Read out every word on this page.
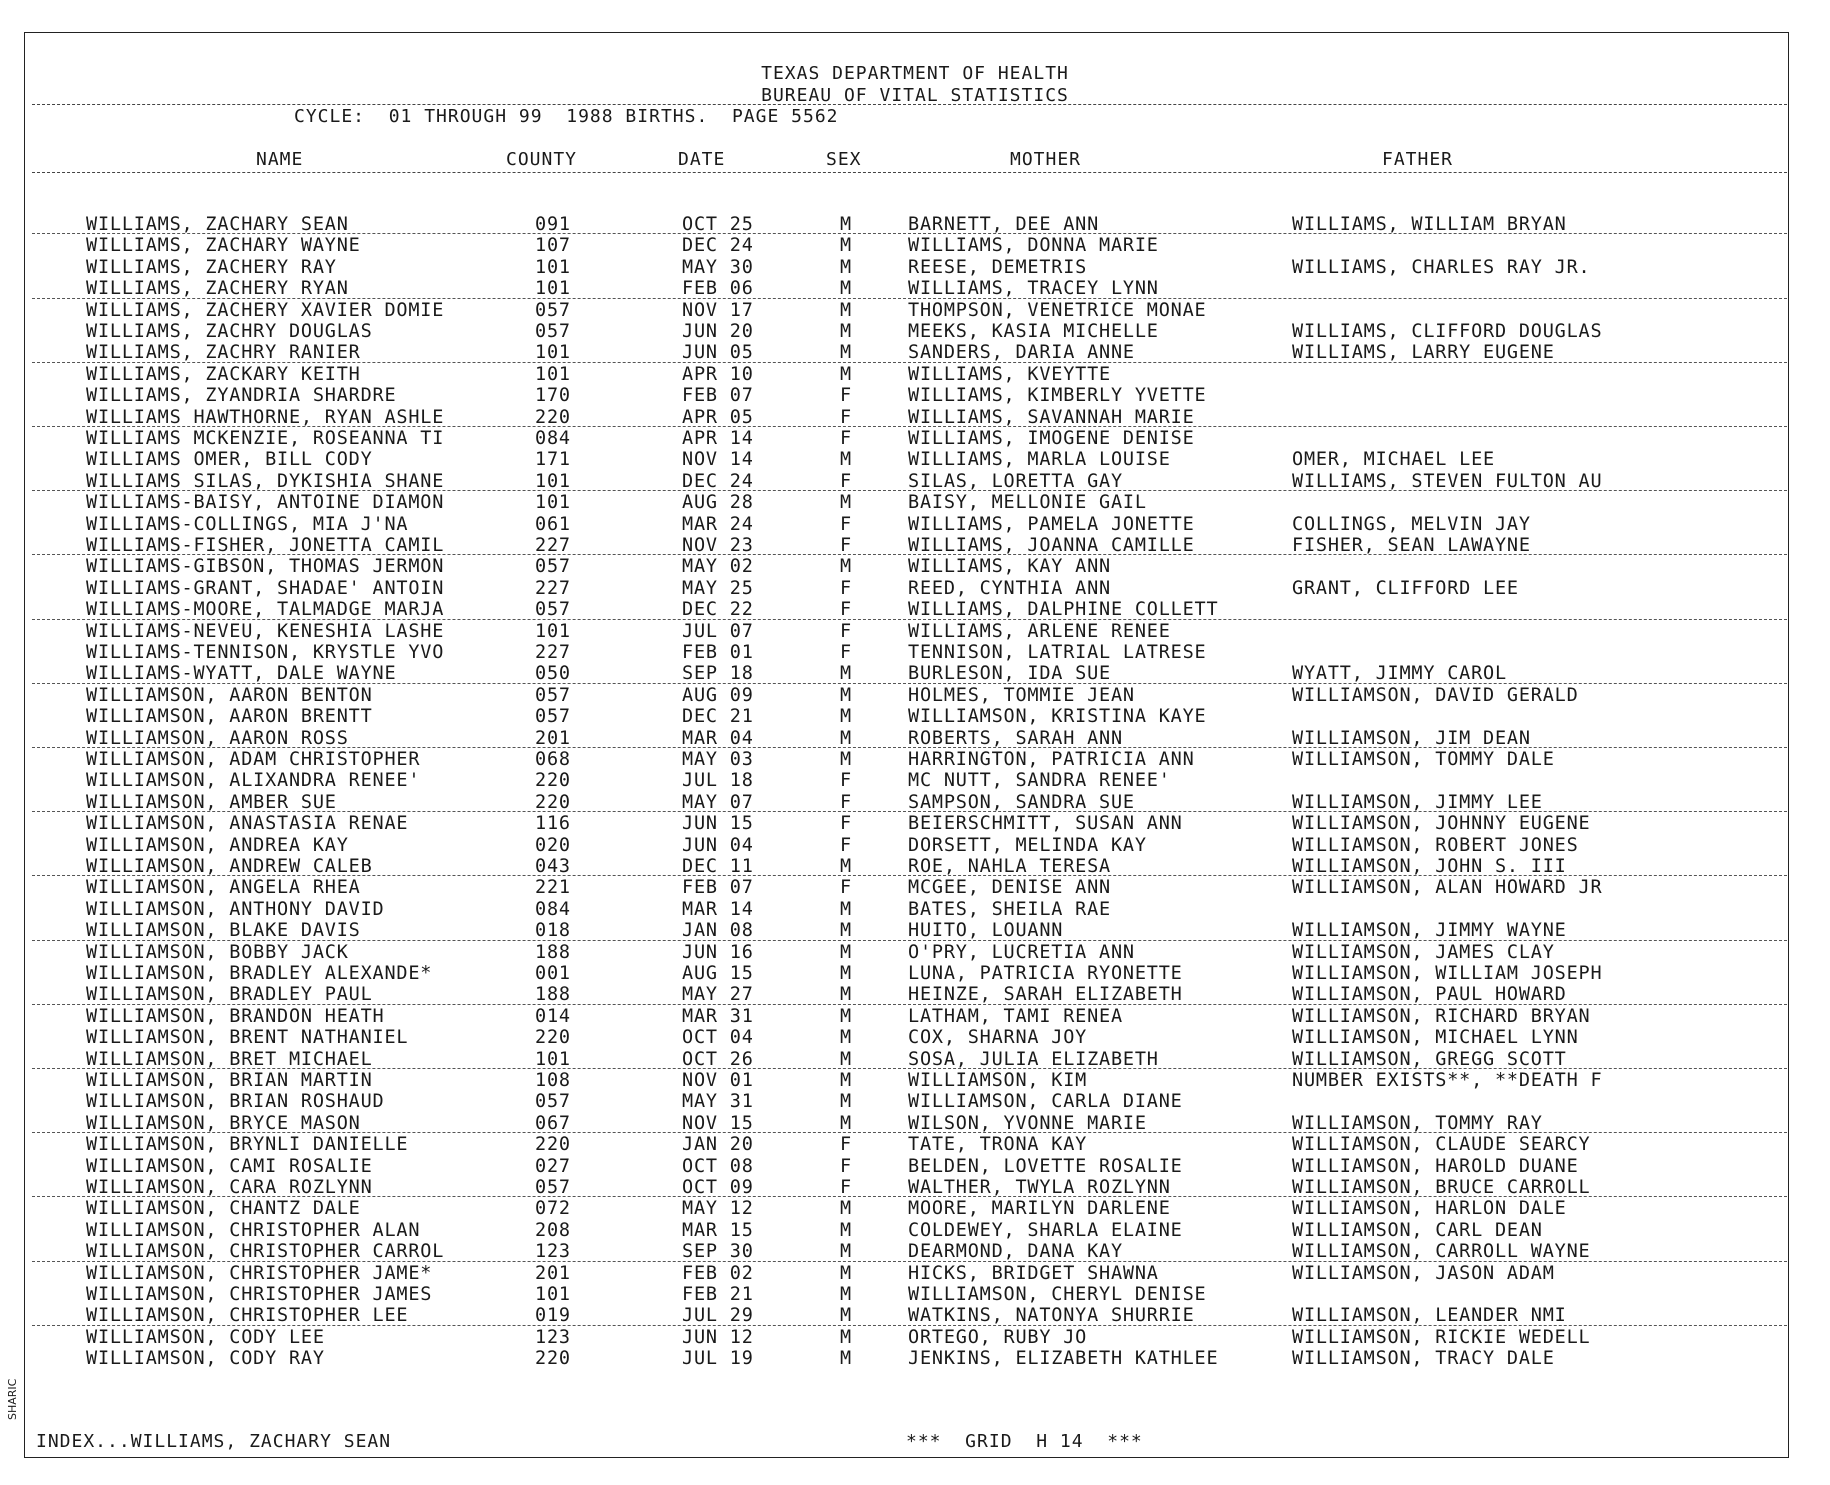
TEXAS DEPARTMENT OF HEALTH
BUREAU OF VITAL STATISTICS
CYCLE:  01 THROUGH 99  1988 BIRTHS.  PAGE 5562
NAME	COUNTY	DATE	SEX	MOTHER	FATHER
WILLIAMS, ZACHARY SEAN	091	OCT 25	M	BARNETT, DEE ANN	WILLIAMS, WILLIAM BRYAN
WILLIAMS, ZACHARY WAYNE	107	DEC 24	M	WILLIAMS, DONNA MARIE
WILLIAMS, ZACHERY RAY	101	MAY 30	M	REESE, DEMETRIS	WILLIAMS, CHARLES RAY JR.
WILLIAMS, ZACHERY RYAN	101	FEB 06	M	WILLIAMS, TRACEY LYNN
WILLIAMS, ZACHERY XAVIER DOMIE	057	NOV 17	M	THOMPSON, VENETRICE MONAE
WILLIAMS, ZACHRY DOUGLAS	057	JUN 20	M	MEEKS, KASIA MICHELLE	WILLIAMS, CLIFFORD DOUGLAS
WILLIAMS, ZACHRY RANIER	101	JUN 05	M	SANDERS, DARIA ANNE	WILLIAMS, LARRY EUGENE
WILLIAMS, ZACKARY KEITH	101	APR 10	M	WILLIAMS, KVEYTTE
WILLIAMS, ZYANDRIA SHARDRE	170	FEB 07	F	WILLIAMS, KIMBERLY YVETTE
WILLIAMS HAWTHORNE, RYAN ASHLE	220	APR 05	F	WILLIAMS, SAVANNAH MARIE
WILLIAMS MCKENZIE, ROSEANNA TI	084	APR 14	F	WILLIAMS, IMOGENE DENISE
WILLIAMS OMER, BILL CODY	171	NOV 14	M	WILLIAMS, MARLA LOUISE	OMER, MICHAEL LEE
WILLIAMS SILAS, DYKISHIA SHANE	101	DEC 24	F	SILAS, LORETTA GAY	WILLIAMS, STEVEN FULTON AU
WILLIAMS-BAISY, ANTOINE DIAMON	101	AUG 28	M	BAISY, MELLONIE GAIL
WILLIAMS-COLLINGS, MIA J'NA	061	MAR 24	F	WILLIAMS, PAMELA JONETTE	COLLINGS, MELVIN JAY
WILLIAMS-FISHER, JONETTA CAMIL	227	NOV 23	F	WILLIAMS, JOANNA CAMILLE	FISHER, SEAN LAWAYNE
WILLIAMS-GIBSON, THOMAS JERMON	057	MAY 02	M	WILLIAMS, KAY ANN
WILLIAMS-GRANT, SHADAE' ANTOIN	227	MAY 25	F	REED, CYNTHIA ANN	GRANT, CLIFFORD LEE
WILLIAMS-MOORE, TALMADGE MARJA	057	DEC 22	F	WILLIAMS, DALPHINE COLLETT
WILLIAMS-NEVEU, KENESHIA LASHE	101	JUL 07	F	WILLIAMS, ARLENE RENEE
WILLIAMS-TENNISON, KRYSTLE YVO	227	FEB 01	F	TENNISON, LATRIAL LATRESE
WILLIAMS-WYATT, DALE WAYNE	050	SEP 18	M	BURLESON, IDA SUE	WYATT, JIMMY CAROL
WILLIAMSON, AARON BENTON	057	AUG 09	M	HOLMES, TOMMIE JEAN	WILLIAMSON, DAVID GERALD
WILLIAMSON, AARON BRENTT	057	DEC 21	M	WILLIAMSON, KRISTINA KAYE
WILLIAMSON, AARON ROSS	201	MAR 04	M	ROBERTS, SARAH ANN	WILLIAMSON, JIM DEAN
WILLIAMSON, ADAM CHRISTOPHER	068	MAY 03	M	HARRINGTON, PATRICIA ANN	WILLIAMSON, TOMMY DALE
WILLIAMSON, ALIXANDRA RENEE'	220	JUL 18	F	MC NUTT, SANDRA RENEE'
WILLIAMSON, AMBER SUE	220	MAY 07	F	SAMPSON, SANDRA SUE	WILLIAMSON, JIMMY LEE
WILLIAMSON, ANASTASIA RENAE	116	JUN 15	F	BEIERSCHMITT, SUSAN ANN	WILLIAMSON, JOHNNY EUGENE
WILLIAMSON, ANDREA KAY	020	JUN 04	F	DORSETT, MELINDA KAY	WILLIAMSON, ROBERT JONES
WILLIAMSON, ANDREW CALEB	043	DEC 11	M	ROE, NAHLA TERESA	WILLIAMSON, JOHN S. III
WILLIAMSON, ANGELA RHEA	221	FEB 07	F	MCGEE, DENISE ANN	WILLIAMSON, ALAN HOWARD JR
WILLIAMSON, ANTHONY DAVID	084	MAR 14	M	BATES, SHEILA RAE
WILLIAMSON, BLAKE DAVIS	018	JAN 08	M	HUITO, LOUANN	WILLIAMSON, JIMMY WAYNE
WILLIAMSON, BOBBY JACK	188	JUN 16	M	O'PRY, LUCRETIA ANN	WILLIAMSON, JAMES CLAY
WILLIAMSON, BRADLEY ALEXANDE*	001	AUG 15	M	LUNA, PATRICIA RYONETTE	WILLIAMSON, WILLIAM JOSEPH
WILLIAMSON, BRADLEY PAUL	188	MAY 27	M	HEINZE, SARAH ELIZABETH	WILLIAMSON, PAUL HOWARD
WILLIAMSON, BRANDON HEATH	014	MAR 31	M	LATHAM, TAMI RENEA	WILLIAMSON, RICHARD BRYAN
WILLIAMSON, BRENT NATHANIEL	220	OCT 04	M	COX, SHARNA JOY	WILLIAMSON, MICHAEL LYNN
WILLIAMSON, BRET MICHAEL	101	OCT 26	M	SOSA, JULIA ELIZABETH	WILLIAMSON, GREGG SCOTT
WILLIAMSON, BRIAN MARTIN	108	NOV 01	M	WILLIAMSON, KIM	NUMBER EXISTS**, **DEATH F
WILLIAMSON, BRIAN ROSHAUD	057	MAY 31	M	WILLIAMSON, CARLA DIANE
WILLIAMSON, BRYCE MASON	067	NOV 15	M	WILSON, YVONNE MARIE	WILLIAMSON, TOMMY RAY
WILLIAMSON, BRYNLI DANIELLE	220	JAN 20	F	TATE, TRONA KAY	WILLIAMSON, CLAUDE SEARCY
WILLIAMSON, CAMI ROSALIE	027	OCT 08	F	BELDEN, LOVETTE ROSALIE	WILLIAMSON, HAROLD DUANE
WILLIAMSON, CARA ROZLYNN	057	OCT 09	F	WALTHER, TWYLA ROZLYNN	WILLIAMSON, BRUCE CARROLL
WILLIAMSON, CHANTZ DALE	072	MAY 12	M	MOORE, MARILYN DARLENE	WILLIAMSON, HARLON DALE
WILLIAMSON, CHRISTOPHER ALAN	208	MAR 15	M	COLDEWEY, SHARLA ELAINE	WILLIAMSON, CARL DEAN
WILLIAMSON, CHRISTOPHER CARROL	123	SEP 30	M	DEARMOND, DANA KAY	WILLIAMSON, CARROLL WAYNE
WILLIAMSON, CHRISTOPHER JAME*	201	FEB 02	M	HICKS, BRIDGET SHAWNA	WILLIAMSON, JASON ADAM
WILLIAMSON, CHRISTOPHER JAMES	101	FEB 21	M	WILLIAMSON, CHERYL DENISE
WILLIAMSON, CHRISTOPHER LEE	019	JUL 29	M	WATKINS, NATONYA SHURRIE	WILLIAMSON, LEANDER NMI
WILLIAMSON, CODY LEE	123	JUN 12	M	ORTEGO, RUBY JO	WILLIAMSON, RICKIE WEDELL
WILLIAMSON, CODY RAY	220	JUL 19	M	JENKINS, ELIZABETH KATHLEE	WILLIAMSON, TRACY DALE
INDEX...WILLIAMS, ZACHARY SEAN	***  GRID  H 14  ***
SHARIC
